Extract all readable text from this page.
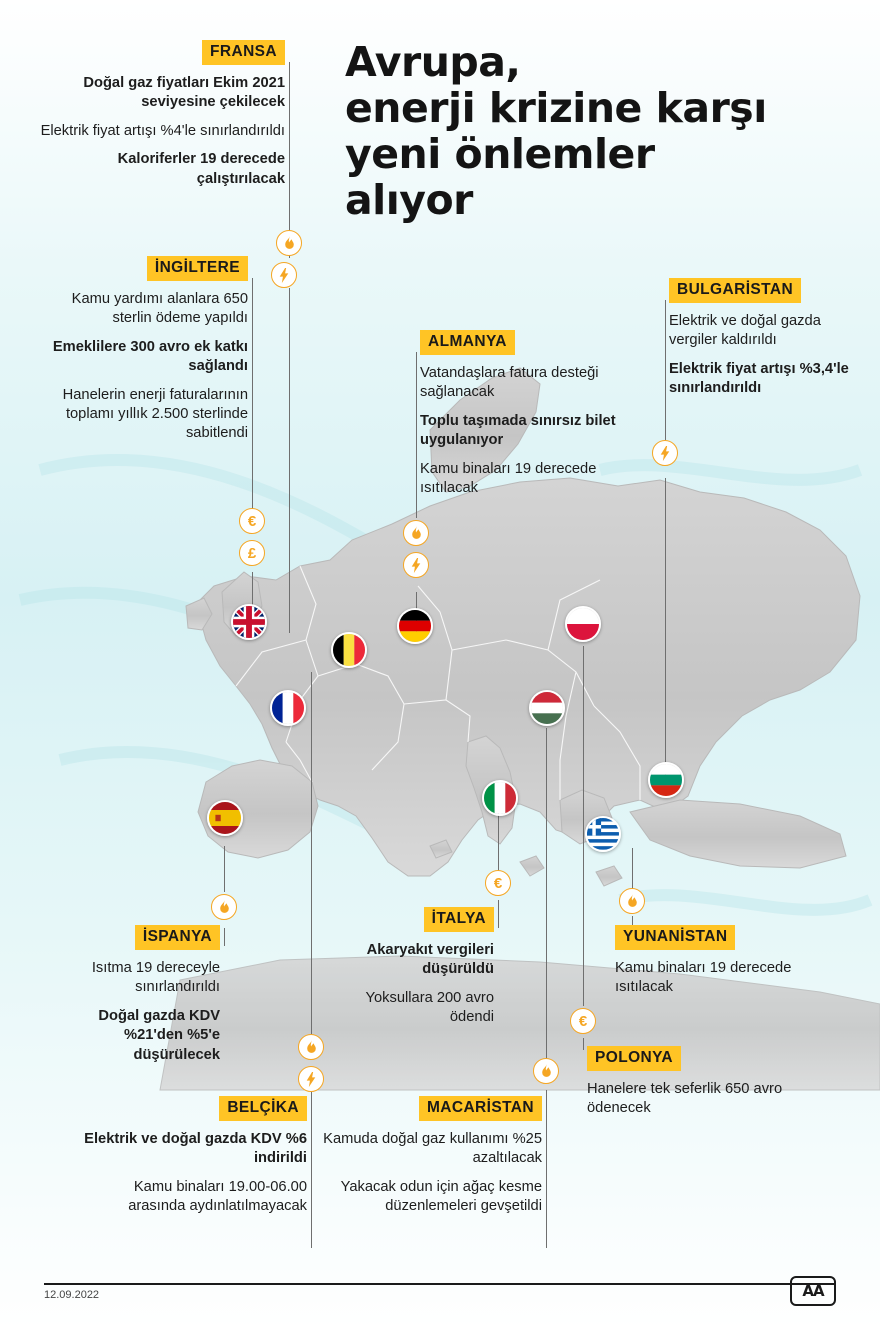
Avrupa,
enerji krizine karşı
yeni önlemler
alıyor
€
£
€
€
FRANSA
Doğal gaz fiyatları Ekim 2021 seviyesine çekilecek
Elektrik fiyat artışı %4'le sınırlandırıldı
Kaloriferler 19 derecede çalıştırılacak
İNGİLTERE
Kamu yardımı alanlara 650 sterlin ödeme yapıldı
Emeklilere 300 avro ek katkı sağlandı
Hanelerin enerji faturalarının toplamı yıllık 2.500 sterlinde sabitlendi
ALMANYA
Vatandaşlara fatura desteği sağlanacak
Toplu taşımada sınırsız bilet uygulanıyor
Kamu binaları 19 derecede ısıtılacak
BULGARİSTAN
Elektrik ve doğal gazda vergiler kaldırıldı
Elektrik fiyat artışı %3,4'le sınırlandırıldı
İSPANYA
Isıtma 19 dereceyle sınırlandırıldı
Doğal gazda KDV %21'den %5'e düşürülecek
İTALYA
Akaryakıt vergileri düşürüldü
Yoksullara 200 avro ödendi
YUNANİSTAN
Kamu binaları 19 derecede ısıtılacak
POLONYA
Hanelere tek seferlik 650 avro ödenecek
BELÇİKA
Elektrik ve doğal gazda KDV %6 indirildi
Kamu binaları 19.00-06.00 arasında aydınlatılmayacak
MACARİSTAN
Kamuda doğal gaz kullanımı %25 azaltılacak
Yakacak odun için ağaç kesme düzenlemeleri gevşetildi
12.09.2022	AA
